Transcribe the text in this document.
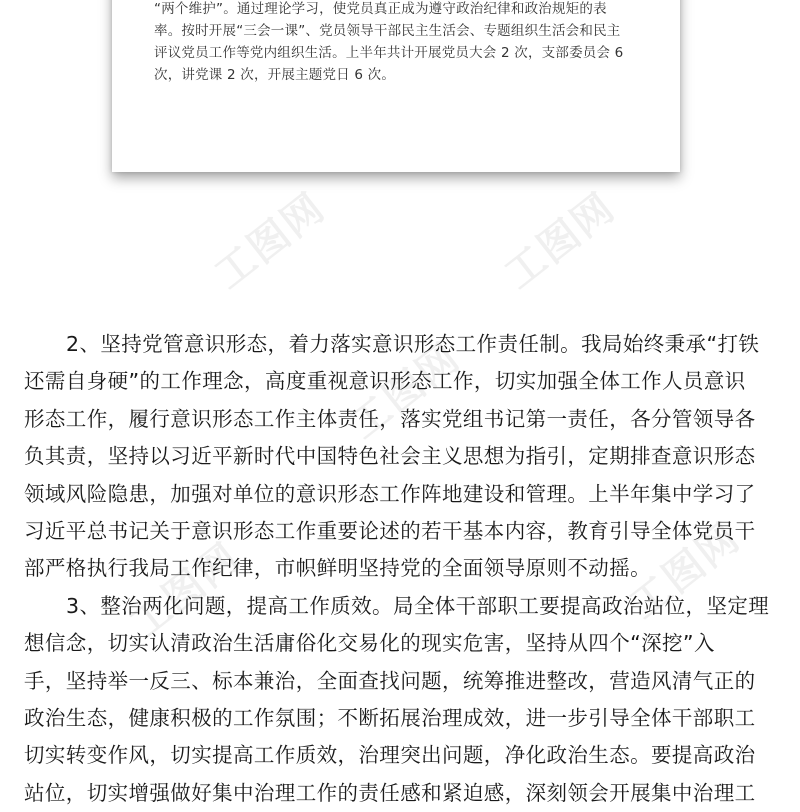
“两个维护”。通过理论学习，使党员真正成为遵守政治纪律和政治规矩的表
率。按时开展“三会一课”、党员领导干部民主生活会、专题组织生活会和民主
评议党员工作等党内组织生活。上半年共计开展党员大会 2 次，支部委员会 6
次，讲党课 2 次，开展主题党日 6 次。
工图网	工图网
工图网
工图网	工图网
2、坚持党管意识形态，着力落实意识形态工作责任制。我局始终秉承“打铁
还需自身硬”的工作理念，高度重视意识形态工作，切实加强全体工作人员意识
形态工作，履行意识形态工作主体责任，落实党组书记第一责任，各分管领导各
负其责，坚持以习近平新时代中国特色社会主义思想为指引，定期排查意识形态
领域风险隐患，加强对单位的意识形态工作阵地建设和管理。上半年集中学习了
习近平总书记关于意识形态工作重要论述的若干基本内容，教育引导全体党员干
部严格执行我局工作纪律，市帜鲜明坚持党的全面领导原则不动摇。
3、整治两化问题，提高工作质效。局全体干部职工要提高政治站位，坚定理
想信念，切实认清政治生活庸俗化交易化的现实危害，坚持从四个“深挖”入
手，坚持举一反三、标本兼治，全面查找问题，统筹推进整改，营造风清气正的
政治生态，健康积极的工作氛围；不断拓展治理成效，进一步引导全体干部职工
切实转变作风，切实提高工作质效，治理突出问题，净化政治生态。要提高政治
站位，切实增强做好集中治理工作的责任感和紧迫感，深刻领会开展集中治理工
